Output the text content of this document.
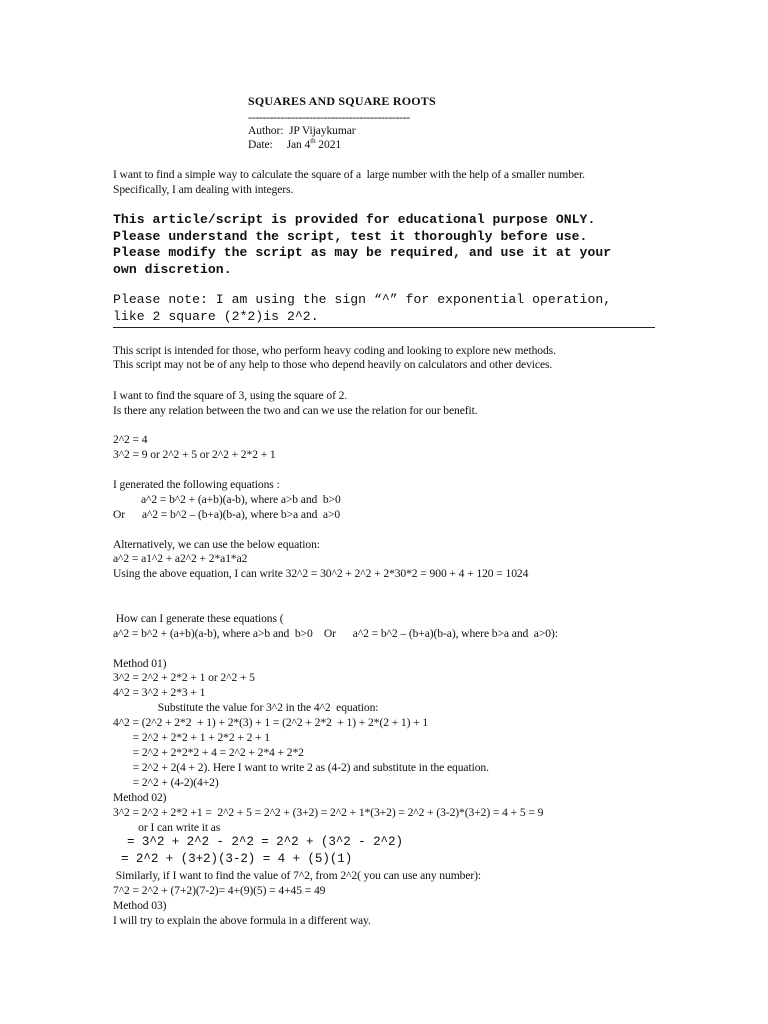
SQUARES AND SQUARE ROOTS
---------------------------------------------
Author:  JP Vijaykumar
Date:     Jan 4th 2021
I want to find a simple way to calculate the square of a  large number with the help of a smaller number.
Specifically, I am dealing with integers.
This article/script is provided for educational purpose ONLY.
Please understand the script, test it thoroughly before use.
Please modify the script as may be required, and use it at your
own discretion.
Please note: I am using the sign “^” for exponential operation,
like 2 square (2*2)is 2^2.
This script is intended for those, who perform heavy coding and looking to explore new methods.
This script may not be of any help to those who depend heavily on calculators and other devices.
I want to find the square of 3, using the square of 2.
Is there any relation between the two and can we use the relation for our benefit.
2^2 = 4
3^2 = 9 or 2^2 + 5 or 2^2 + 2*2 + 1
I generated the following equations :
a^2 = b^2 + (a+b)(a-b), where a>b and  b>0
Or      a^2 = b^2 – (b+a)(b-a), where b>a and  a>0
Alternatively, we can use the below equation:
a^2 = a1^2 + a2^2 + 2*a1*a2
Using the above equation, I can write 32^2 = 30^2 + 2^2 + 2*30*2 = 900 + 4 + 120 = 1024
How can I generate these equations (
a^2 = b^2 + (a+b)(a-b), where a>b and  b>0    Or      a^2 = b^2 – (b+a)(b-a), where b>a and  a>0):
Method 01)
3^2 = 2^2 + 2*2 + 1 or 2^2 + 5
4^2 = 3^2 + 2*3 + 1
Substitute the value for 3^2 in the 4^2  equation:
4^2 = (2^2 + 2*2  + 1) + 2*(3) + 1 = (2^2 + 2*2  + 1) + 2*(2 + 1) + 1
= 2^2 + 2*2 + 1 + 2*2 + 2 + 1
= 2^2 + 2*2*2 + 4 = 2^2 + 2*4 + 2*2
= 2^2 + 2(4 + 2). Here I want to write 2 as (4-2) and substitute in the equation.
= 2^2 + (4-2)(4+2)
Method 02)
3^2 = 2^2 + 2*2 +1 =  2^2 + 5 = 2^2 + (3+2) = 2^2 + 1*(3+2) = 2^2 + (3-2)*(3+2) = 4 + 5 = 9
or I can write it as
= 3^2 + 2^2 - 2^2 = 2^2 + (3^2 - 2^2)
= 2^2 + (3+2)(3-2) = 4 + (5)(1)
Similarly, if I want to find the value of 7^2, from 2^2( you can use any number):
7^2 = 2^2 + (7+2)(7-2)= 4+(9)(5) = 4+45 = 49
Method 03)
I will try to explain the above formula in a different way.
